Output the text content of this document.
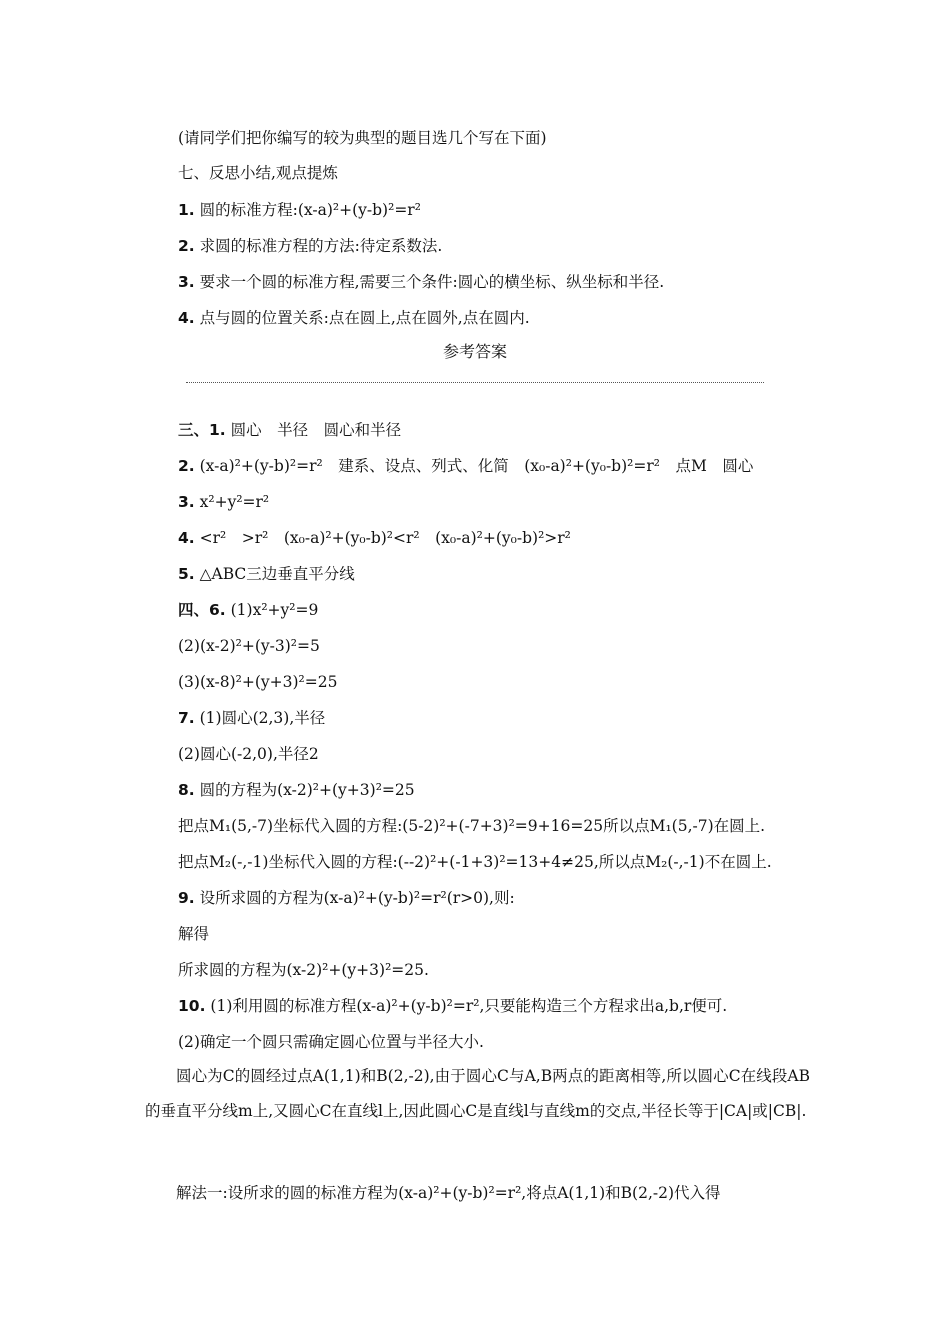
(请同学们把你编写的较为典型的题目选几个写在下面)
七、反思小结,观点提炼
1. 圆的标准方程:(x-a)²+(y-b)²=r²
2. 求圆的标准方程的方法:待定系数法.
3. 要求一个圆的标准方程,需要三个条件:圆心的横坐标、纵坐标和半径.
4. 点与圆的位置关系:点在圆上,点在圆外,点在圆内.
参考答案
三、1. 圆心　半径　圆心和半径
2. (x-a)²+(y-b)²=r²　建系、设点、列式、化简　(x₀-a)²+(y₀-b)²=r²　点M　圆心
3. x²+y²=r²
4. <r²　>r²　(x₀-a)²+(y₀-b)²<r²　(x₀-a)²+(y₀-b)²>r²
5. △ABC三边垂直平分线
四、6. (1)x²+y²=9
(2)(x-2)²+(y-3)²=5
(3)(x-8)²+(y+3)²=25
7. (1)圆心(2,3),半径
(2)圆心(-2,0),半径2
8. 圆的方程为(x-2)²+(y+3)²=25
把点M₁(5,-7)坐标代入圆的方程:(5-2)²+(-7+3)²=9+16=25所以点M₁(5,-7)在圆上.
把点M₂(-,-1)坐标代入圆的方程:(--2)²+(-1+3)²=13+4≠25,所以点M₂(-,-1)不在圆上.
9. 设所求圆的方程为(x-a)²+(y-b)²=r²(r>0),则:
解得
所求圆的方程为(x-2)²+(y+3)²=25.
10. (1)利用圆的标准方程(x-a)²+(y-b)²=r²,只要能构造三个方程求出a,b,r便可.
(2)确定一个圆只需确定圆心位置与半径大小.
圆心为C的圆经过点A(1,1)和B(2,-2),由于圆心C与A,B两点的距离相等,所以圆心C在线段AB的垂直平分线m上,又圆心C在直线l上,因此圆心C是直线l与直线m的交点,半径长等于|CA|或|CB|.
解法一:设所求的圆的标准方程为(x-a)²+(y-b)²=r²,将点A(1,1)和B(2,-2)代入得
